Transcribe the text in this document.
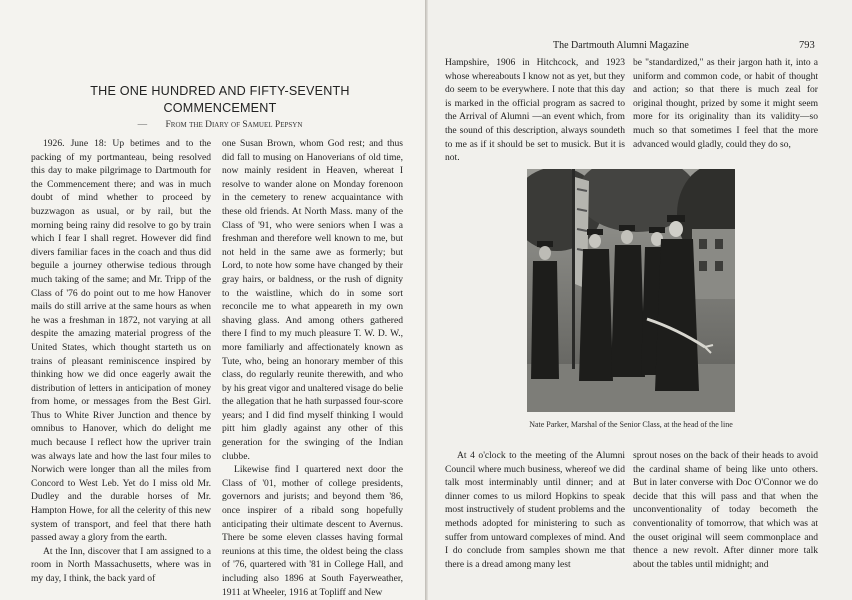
THE ONE HUNDRED AND FIFTY-SEVENTH
COMMENCEMENT
— From the Diary of Samuel Pepsyn

1926. June 18: Up betimes and to the packing of my portmanteau, being resolved this day to make pilgrimage to Dartmouth for the Commencement there; and was in much doubt of mind whether to proceed by buzzwagon as usual, or by rail, but the morning being rainy did resolve to go by train which I fear I shall regret. However did find divers familiar faces in the coach and thus did beguile a journey otherwise tedious through much taking of the same; and Mr. Tripp of the Class of '76 do point out to me how Hanover mails do still arrive at the same hours as when he was a freshman in 1872, not varying at all despite the amazing material progress of the United States, which thought starteth us on trains of pleasant reminiscence inspired by thinking how we did once eagerly await the distribution of letters in anticipation of money from home, or messages from the Best Girl. Thus to White River Junction and thence by omnibus to Hanover, which do delight me much because I reflect how the upriver train was always late and how the last four miles to Norwich were longer than all the miles from Concord to West Leb. Yet do I miss old Mr. Dudley and the durable horses of Mr. Hampton Howe, for all the celerity of this new system of transport, and feel that there hath passed away a glory from the earth.

At the Inn, discover that I am assigned to a room in North Massachusetts, where was in my day, I think, the back yard of

one Susan Brown, whom God rest; and thus did fall to musing on Hanoverians of old time, now mainly resident in Heaven, whereat I resolve to wander alone on Monday forenoon in the cemetery to renew acquaintance with these old friends. At North Mass. many of the Class of '91, who were seniors when I was a freshman and therefore well known to me, but not held in the same awe as formerly; but Lord, to note how some have changed by their gray hairs, or baldness, or the rush of dignity to the waistline, which do in some sort reconcile me to what appeareth in my own shaving glass. And among others gathered there I find to my much pleasure T. W. D. W., more familiarly and affectionately known as Tute, who, being an honorary member of this class, do regularly reunite therewith, and who by his great vigor and unaltered visage do belie the allegation that he hath surpassed four-score years; and I did find myself thinking I would pitt him gladly against any other of this generation for the swinging of the Indian clubbe.

Likewise find I quartered next door the Class of '01, mother of college presidents, governors and jurists; and beyond them '86, once inspirer of a ribald song hopefully anticipating their ultimate descent to Avernus. There be some eleven classes having formal reunions at this time, the oldest being the class of '76, quartered with '81 in College Hall, and including also 1896 at South Fayerweather, 1911 at Wheeler, 1916 at Topliff and New

The Dartmouth Alumni Magazine	793

Hampshire, 1906 in Hitchcock, and 1923 whose whereabouts I know not as yet, but they do seem to be everywhere. I note that this day is marked in the official program as sacred to the Arrival of Alumni —an event which, from the sound of this description, always soundeth to me as if it should be set to musick. But it is not.

be "standardized," as their jargon hath it, into a uniform and common code, or habit of thought and action; so that there is much zeal for original thought, prized by some it might seem more for its originality than its validity—so much so that sometimes I feel that the more advanced would gladly, could they do so,

Nate Parker, Marshal of the Senior Class, at the head of the line

At 4 o'clock to the meeting of the Alumni Council where much business, whereof we did talk most interminably until dinner; and at dinner comes to us milord Hopkins to speak most instructively of student problems and the methods adopted for ministering to such as suffer from untoward complexes of mind. And I do conclude from samples shown me that there is a dread among many lest

sprout noses on the back of their heads to avoid the cardinal shame of being like unto others. But in later converse with Doc O'Connor we do decide that this will pass and that when the unconventionality of today becometh the conventionality of tomorrow, that which was at the ouset original will seem commonplace and thence a new revolt. After dinner more talk about the tables until midnight; and
